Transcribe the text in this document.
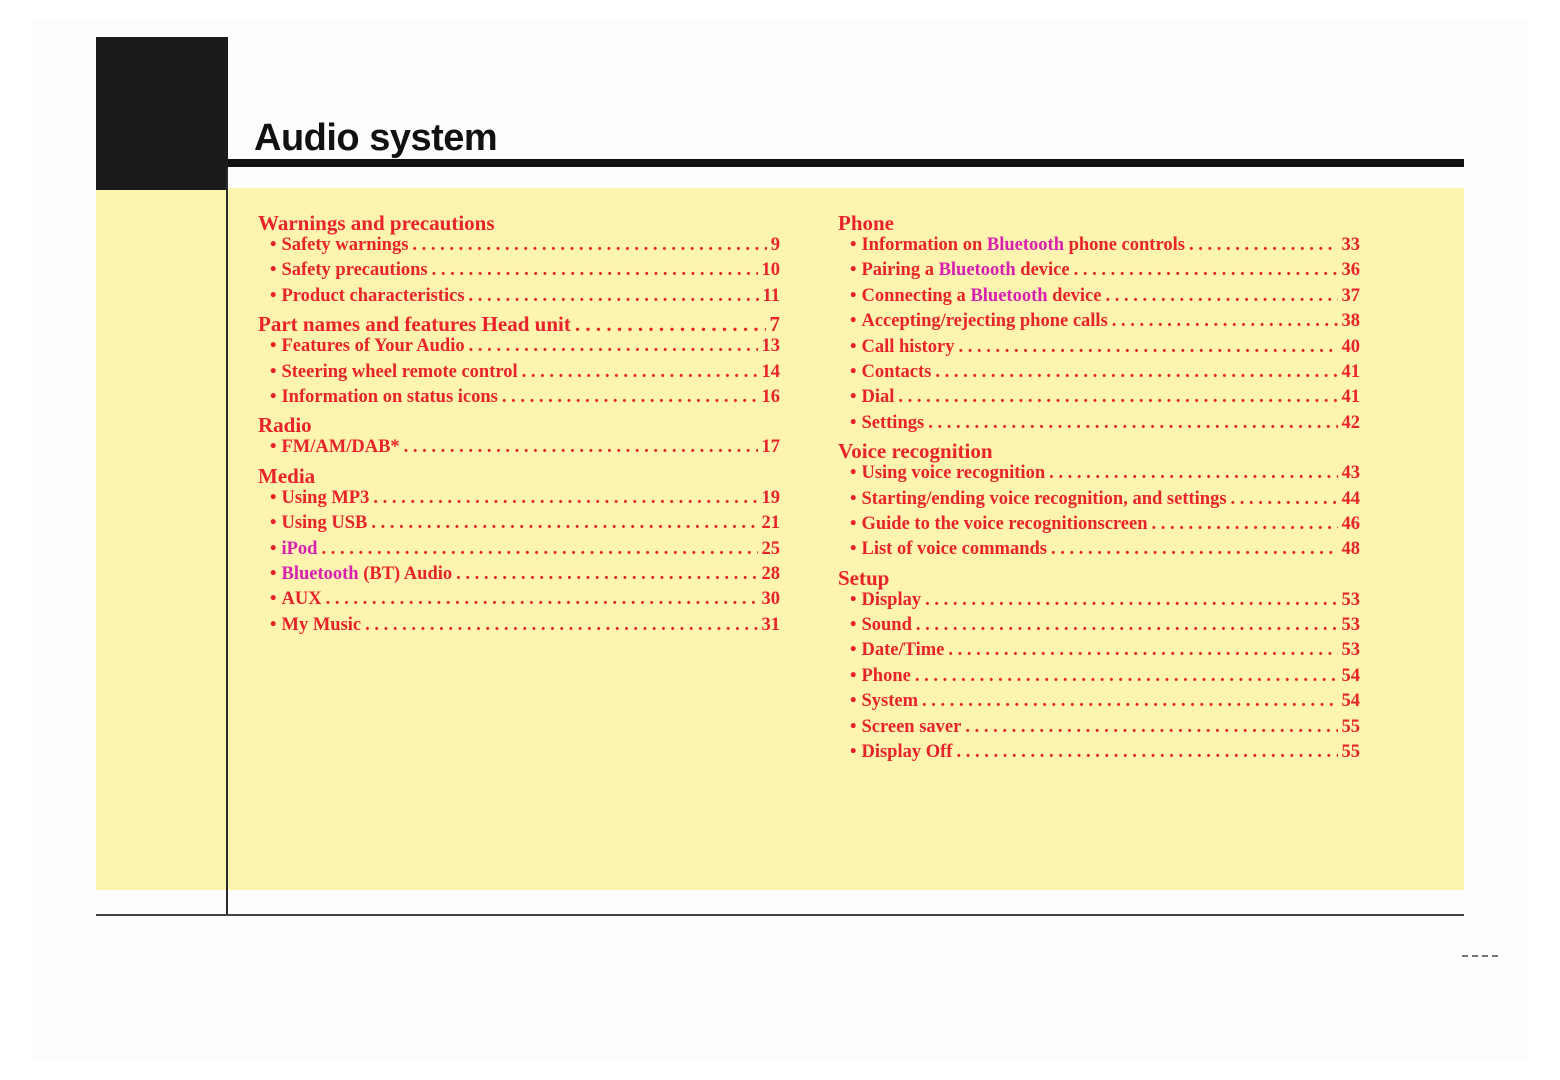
Audio system
Warnings and precautions
• Safety warnings . . .	9
• Safety precautions . . .	10
• Product characteristics . . .	11
Part names and features Head unit . . .	7
• Features of Your Audio . . .	13
• Steering wheel remote control . . .	14
• Information on status icons . . .	16
Radio
• FM/AM/DAB* . . .	17
Media
• Using MP3 . . .	19
• Using USB . . .	21
• iPod . . .	25
• Bluetooth (BT) Audio . . .	28
• AUX . . .	30
• My Music . . .	31
Phone
• Information on Bluetooth phone controls . . .	33
• Pairing a Bluetooth device . . .	36
• Connecting a Bluetooth device . . .	37
• Accepting/rejecting phone calls . . .	38
• Call history . . .	40
• Contacts . . .	41
• Dial . . .	41
• Settings . . .	42
Voice recognition
• Using voice recognition . . .	43
• Starting/ending voice recognition, and settings . . .	44
• Guide to the voice recognitionscreen . . .	46
• List of voice commands . . .	48
Setup
• Display . . .	53
• Sound . . .	53
• Date/Time . . .	53
• Phone . . .	54
• System . . .	54
• Screen saver . . .	55
• Display Off . . .	55
